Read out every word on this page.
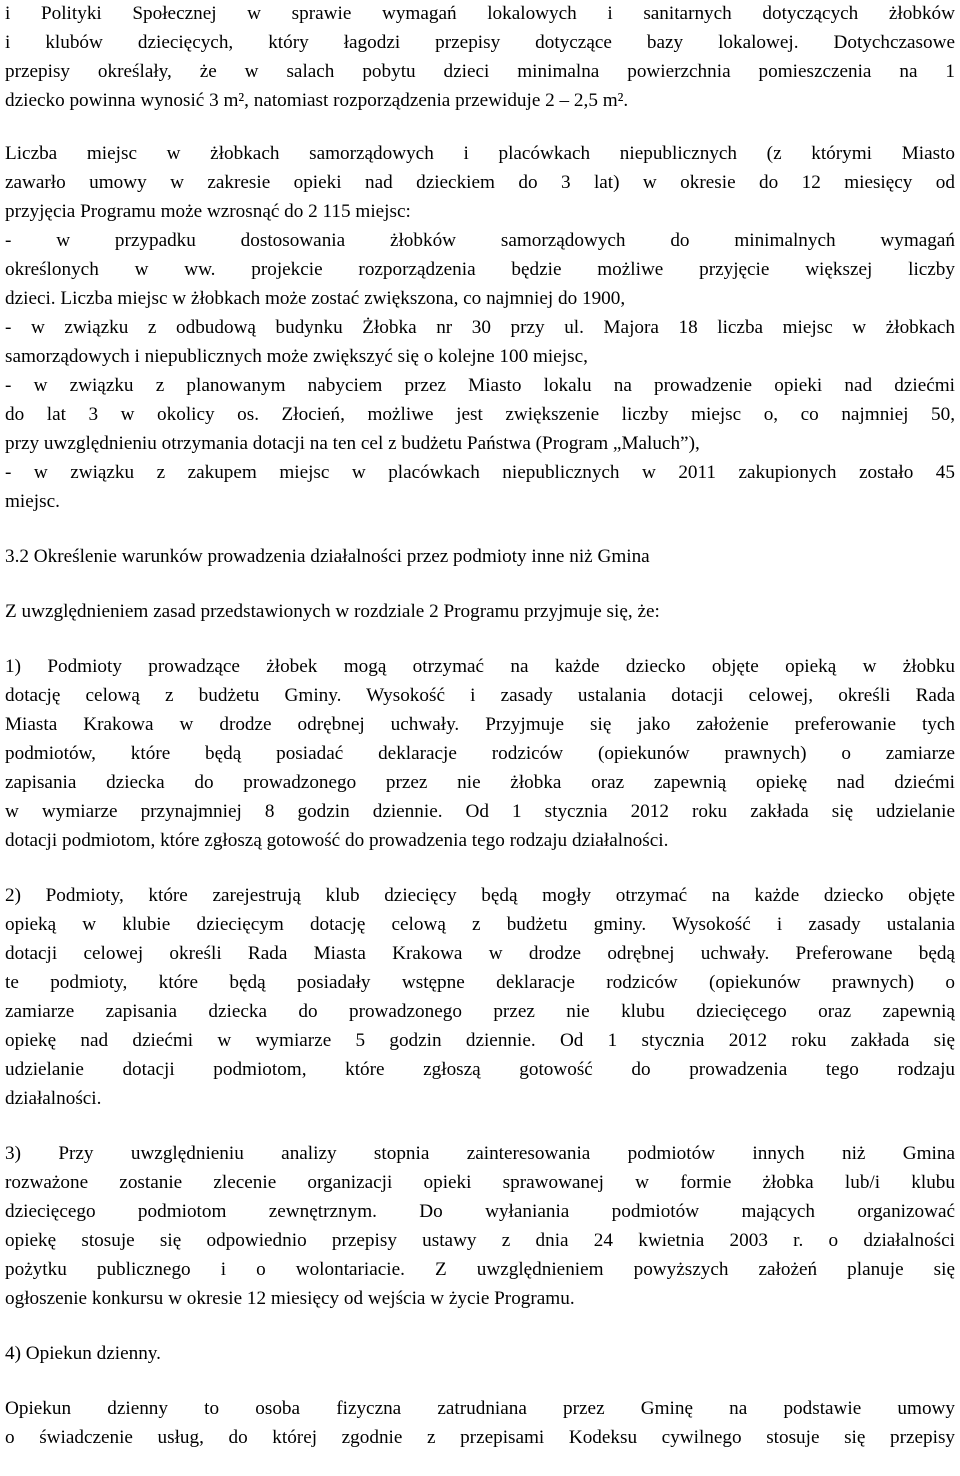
i Polityki Społecznej w sprawie wymagań lokalowych i sanitarnych dotyczących żłobków
i klubów dziecięcych, który łagodzi przepisy dotyczące bazy lokalowej. Dotychczasowe
przepisy określały, że w salach pobytu dzieci minimalna powierzchnia pomieszczenia na 1
dziecko powinna wynosić 3 m², natomiast rozporządzenia przewiduje 2 – 2,5 m².
Liczba miejsc w żłobkach samorządowych i placówkach niepublicznych (z którymi Miasto
zawarło umowy w zakresie opieki nad dzieckiem do 3 lat) w okresie do 12 miesięcy od
przyjęcia Programu może wzrosnąć do 2 115 miejsc:
- w przypadku dostosowania żłobków samorządowych do minimalnych wymagań
określonych w ww. projekcie rozporządzenia będzie możliwe przyjęcie większej liczby
dzieci. Liczba miejsc w żłobkach może zostać zwiększona, co najmniej do 1900,
- w związku z odbudową budynku Żłobka nr 30 przy ul. Majora 18 liczba miejsc w żłobkach
samorządowych i niepublicznych może zwiększyć się o kolejne 100 miejsc,
- w związku z planowanym nabyciem przez Miasto lokalu na prowadzenie opieki nad dziećmi
do lat 3 w okolicy os. Złocień, możliwe jest zwiększenie liczby miejsc o, co najmniej 50,
przy uwzględnieniu otrzymania dotacji na ten cel z budżetu Państwa (Program „Maluch”),
- w związku z zakupem miejsc w placówkach niepublicznych w 2011 zakupionych zostało 45
miejsc.
3.2 Określenie warunków prowadzenia działalności przez podmioty inne niż Gmina
Z uwzględnieniem zasad przedstawionych w rozdziale 2 Programu przyjmuje się, że:
1) Podmioty prowadzące żłobek mogą otrzymać na każde dziecko objęte opieką w żłobku
dotację celową z budżetu Gminy. Wysokość i zasady ustalania dotacji celowej, określi Rada
Miasta Krakowa w drodze odrębnej uchwały. Przyjmuje się jako założenie preferowanie tych
podmiotów, które będą posiadać deklaracje rodziców (opiekunów prawnych) o zamiarze
zapisania dziecka do prowadzonego przez nie żłobka oraz zapewnią opiekę nad dziećmi
w wymiarze przynajmniej 8 godzin dziennie. Od 1 stycznia 2012 roku zakłada się udzielanie
dotacji podmiotom, które zgłoszą gotowość do prowadzenia tego rodzaju działalności.
2) Podmioty, które zarejestrują klub dziecięcy będą mogły otrzymać na każde dziecko objęte
opieką w klubie dziecięcym dotację celową z budżetu gminy. Wysokość i zasady ustalania
dotacji celowej określi Rada Miasta Krakowa w drodze odrębnej uchwały. Preferowane będą
te podmioty, które będą posiadały wstępne deklaracje rodziców (opiekunów prawnych) o
zamiarze zapisania dziecka do prowadzonego przez nie klubu dziecięcego oraz zapewnią
opiekę nad dziećmi w wymiarze 5 godzin dziennie. Od 1 stycznia 2012 roku zakłada się
udzielanie dotacji podmiotom, które zgłoszą gotowość do prowadzenia tego rodzaju
działalności.
3) Przy uwzględnieniu analizy stopnia zainteresowania podmiotów innych niż Gmina
rozważone zostanie zlecenie organizacji opieki sprawowanej w formie żłobka lub/i klubu
dziecięcego podmiotom zewnętrznym. Do wyłaniania podmiotów mających organizować
opiekę stosuje się odpowiednio przepisy ustawy z dnia 24 kwietnia 2003 r. o działalności
pożytku publicznego i o wolontariacie. Z uwzględnieniem powyższych założeń planuje się
ogłoszenie konkursu w okresie 12 miesięcy od wejścia w życie Programu.
4) Opiekun dzienny.
Opiekun dzienny to osoba fizyczna zatrudniana przez Gminę na podstawie umowy
o świadczenie usług, do której zgodnie z przepisami Kodeksu cywilnego stosuje się przepisy
